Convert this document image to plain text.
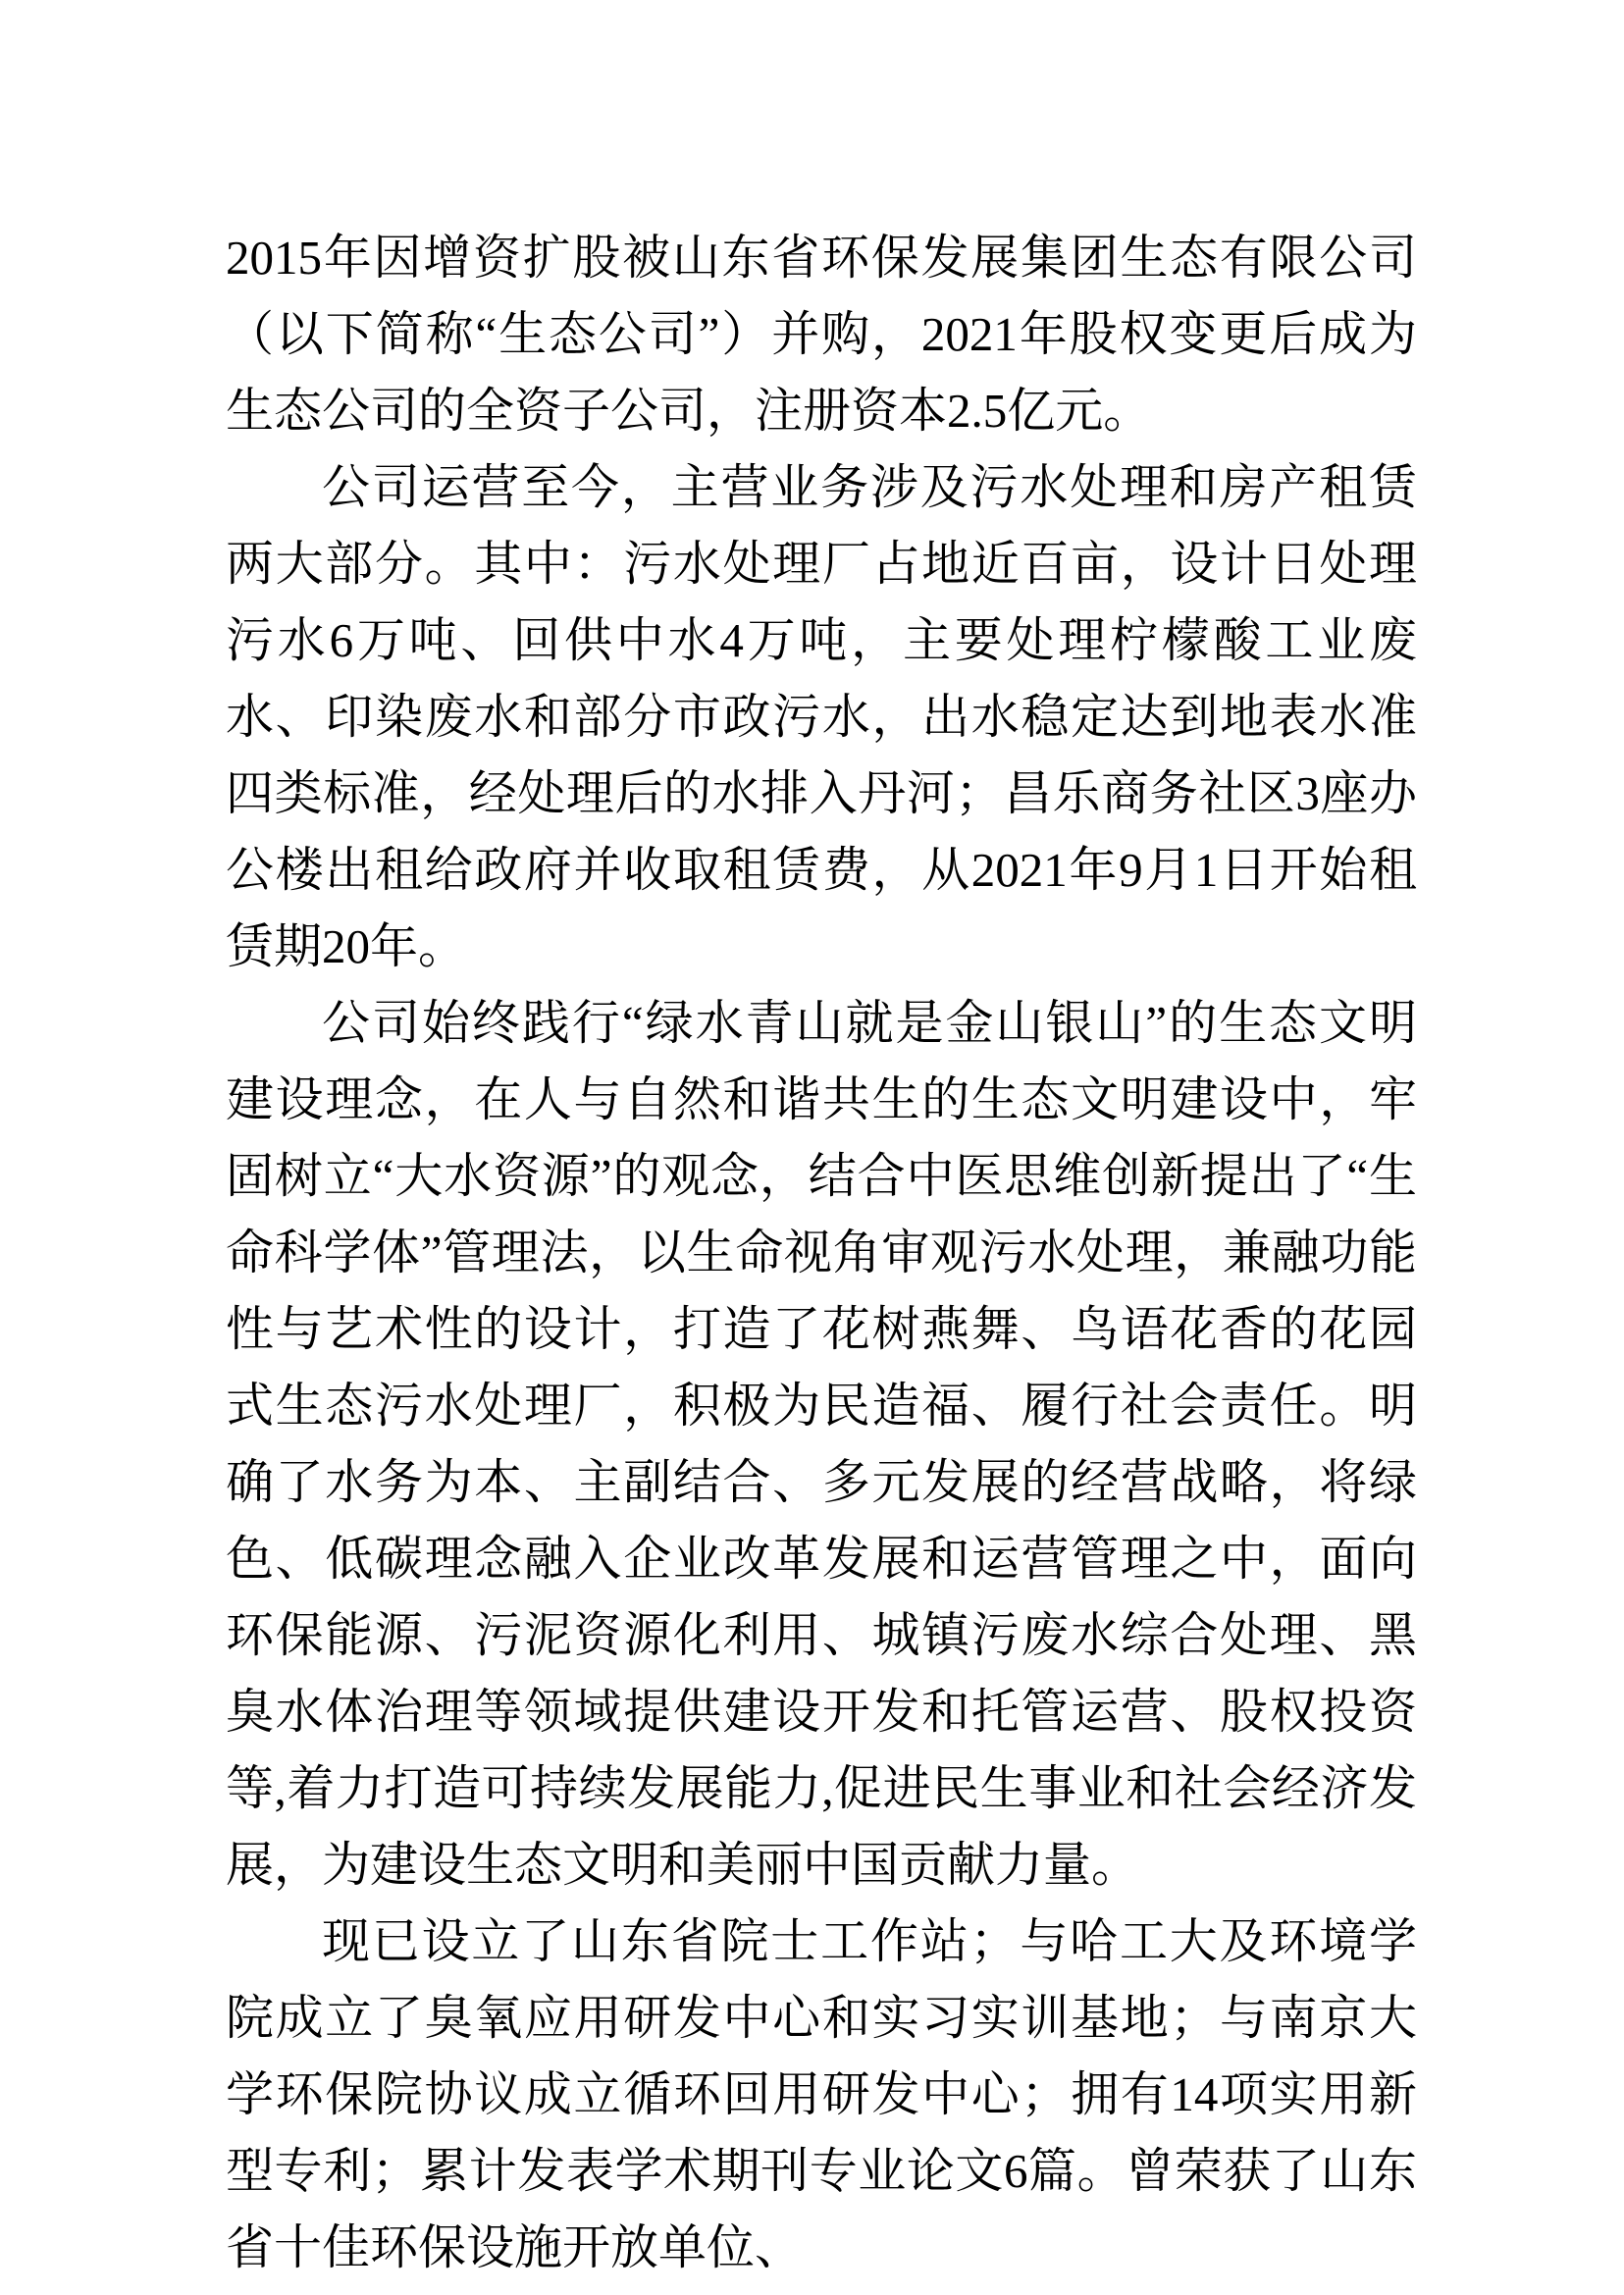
2015年因增资扩股被山东省环保发展集团生态有限公司（以下简称“生态公司”）并购，2021年股权变更后成为生态公司的全资子公司，注册资本2.5亿元。

公司运营至今，主营业务涉及污水处理和房产租赁两大部分。其中：污水处理厂占地近百亩，设计日处理污水6万吨、回供中水4万吨，主要处理柠檬酸工业废水、印染废水和部分市政污水，出水稳定达到地表水准四类标准，经处理后的水排入丹河；昌乐商务社区3座办公楼出租给政府并收取租赁费，从2021年9月1日开始租赁期20年。

公司始终践行“绿水青山就是金山银山”的生态文明建设理念，在人与自然和谐共生的生态文明建设中，牢固树立“大水资源”的观念，结合中医思维创新提出了“生命科学体”管理法，以生命视角审观污水处理，兼融功能性与艺术性的设计，打造了花树燕舞、鸟语花香的花园式生态污水处理厂，积极为民造福、履行社会责任。明确了水务为本、主副结合、多元发展的经营战略，将绿色、低碳理念融入企业改革发展和运营管理之中，面向环保能源、污泥资源化利用、城镇污废水综合处理、黑臭水体治理等领域提供建设开发和托管运营、股权投资等,着力打造可持续发展能力,促进民生事业和社会经济发展，为建设生态文明和美丽中国贡献力量。

现已设立了山东省院士工作站；与哈工大及环境学院成立了臭氧应用研发中心和实习实训基地；与南京大学环保院协议成立循环回用研发中心；拥有14项实用新型专利；累计发表学术期刊专业论文6篇。曾荣获了山东省十佳环保设施开放单位、
